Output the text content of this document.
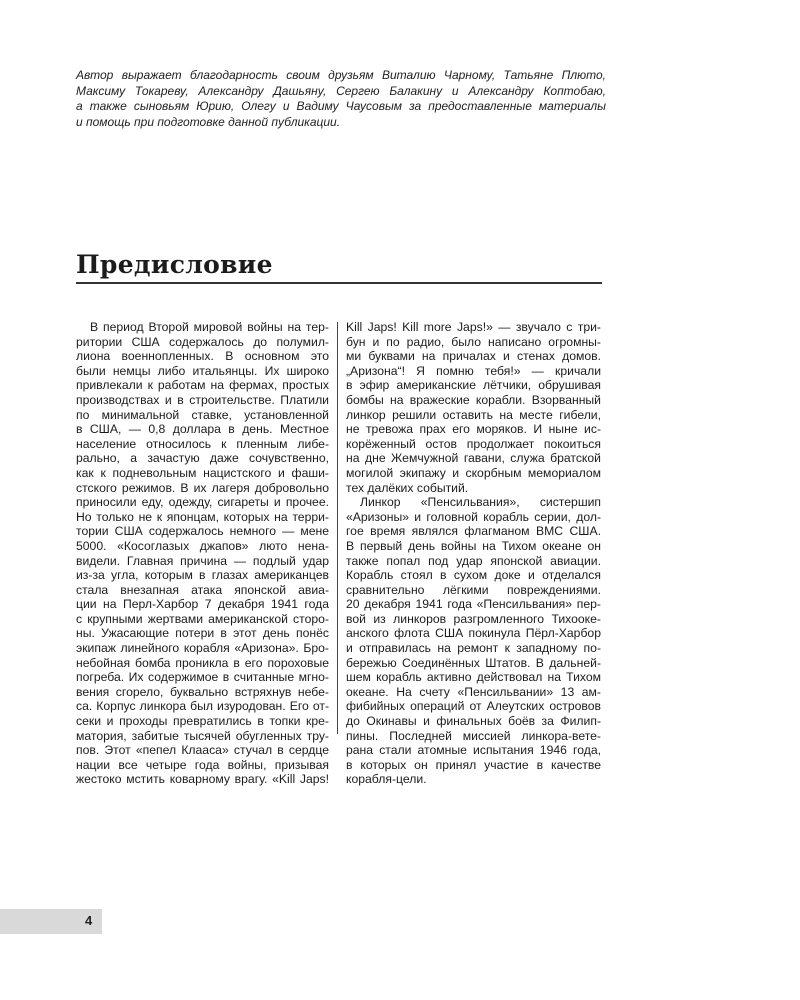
Автор выражает благодарность своим друзьям Виталию Чарному, Татьяне Плюто,
Максиму Токареву, Александру Дашьяну, Сергею Балакину и Александру Коптобаю,
а также сыновьям Юрию, Олегу и Вадиму Чаусовым за предоставленные материалы
и помощь при подготовке данной публикации.
Предисловие
В период Второй мировой войны на тер-
ритории США содержалось до полумил-
лиона военнопленных. В основном это
были немцы либо итальянцы. Их широко
привлекали к работам на фермах, простых
производствах и в строительстве. Платили
по минимальной ставке, установленной
в США, — 0,8 доллара в день. Местное
население относилось к пленным либе-
рально, а зачастую даже сочувственно,
как к подневольным нацистского и фаши-
стского режимов. В их лагеря добровольно
приносили еду, одежду, сигареты и прочее.
Но только не к японцам, которых на терри-
тории США содержалось немного — мене
5000. «Косоглазых джапов» люто нена-
видели. Главная причина — подлый удар
из-за угла, которым в глазах американцев
стала внезапная атака японской авиа-
ции на Перл-Харбор 7 декабря 1941 года
с крупными жертвами американской сторо-
ны. Ужасающие потери в этот день понёс
экипаж линейного корабля «Аризона». Бро-
небойная бомба проникла в его пороховые
погреба. Их содержимое в считанные мгно-
вения сгорело, буквально встряхнув небе-
са. Корпус линкора был изуродован. Его от-
секи и проходы превратились в топки кре-
матория, забитые тысячей обугленных тру-
пов. Этот «пепел Клааса» стучал в сердце
нации все четыре года войны, призывая
жестоко мстить коварному врагу. «Kill Japs!
Kill Japs! Kill more Japs!» — звучало с три-
бун и по радио, было написано огромны-
ми буквами на причалах и стенах домов.
„Аризона“! Я помню тебя!» — кричали
в эфир американские лётчики, обрушивая
бомбы на вражеские корабли. Взорванный
линкор решили оставить на месте гибели,
не тревожа прах его моряков. И ныне ис-
корёженный остов продолжает покоиться
на дне Жемчужной гавани, служа братской
могилой экипажу и скорбным мемориалом
тех далёких событий.
Линкор «Пенсильвания», систершип
«Аризоны» и головной корабль серии, дол-
гое время являлся флагманом ВМС США.
В первый день войны на Тихом океане он
также попал под удар японской авиации.
Корабль стоял в сухом доке и отделался
сравнительно лёгкими повреждениями.
20 декабря 1941 года «Пенсильвания» пер-
вой из линкоров разгромленного Тихооке-
анского флота США покинула Пёрл-Харбор
и отправилась на ремонт к западному по-
бережью Соединённых Штатов. В дальней-
шем корабль активно действовал на Тихом
океане. На счету «Пенсильвании» 13 ам-
фибийных операций от Алеутских островов
до Окинавы и финальных боёв за Филип-
пины. Последней миссией линкора-вете-
рана стали атомные испытания 1946 года,
в которых он принял участие в качестве
корабля-цели.
4
